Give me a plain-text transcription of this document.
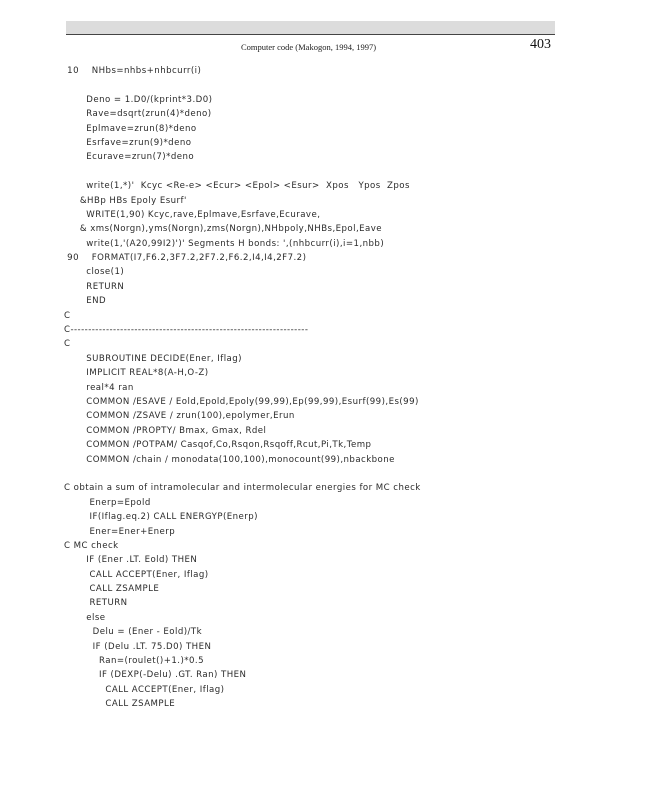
Computer code (Makogon, 1994, 1997)	403
10    NHbs=nhbs+nhbcurr(i)
Deno = 1.D0/(kprint*3.D0)
Rave=dsqrt(zrun(4)*deno)
Eplmave=zrun(8)*deno
Esrfave=zrun(9)*deno
Ecurave=zrun(7)*deno
write(1,*)'  Kcyc <Re-e> <Ecur> <Epol> <Esur>  Xpos   Ypos  Zpos
&HBp HBs Epoly Esurf'
WRITE(1,90) Kcyc,rave,Eplmave,Esrfave,Ecurave,
& xms(Norgn),yms(Norgn),zms(Norgn),NHbpoly,NHBs,Epol,Eave
write(1,'(A20,99I2)')' Segments H bonds: ',(nhbcurr(i),i=1,nbb)
90    FORMAT(I7,F6.2,3F7.2,2F7.2,F6.2,I4,I4,2F7.2)
close(1)
RETURN
END
C
C-------------------------------------------------------------------
C
SUBROUTINE DECIDE(Ener, Iflag)
IMPLICIT REAL*8(A-H,O-Z)
real*4 ran
COMMON /ESAVE / Eold,Epold,Epoly(99,99),Ep(99,99),Esurf(99),Es(99)
COMMON /ZSAVE / zrun(100),epolymer,Erun
COMMON /PROPTY/ Bmax, Gmax, Rdel
COMMON /POTPAM/ Casqof,Co,Rsqon,Rsqoff,Rcut,Pi,Tk,Temp
COMMON /chain / monodata(100,100),monocount(99),nbackbone
C obtain a sum of intramolecular and intermolecular energies for MC check
Enerp=Epold
IF(Iflag.eq.2) CALL ENERGYP(Enerp)
Ener=Ener+Enerp
C MC check
IF (Ener .LT. Eold) THEN
CALL ACCEPT(Ener, Iflag)
CALL ZSAMPLE
RETURN
else
Delu = (Ener - Eold)/Tk
IF (Delu .LT. 75.D0) THEN
Ran=(roulet()+1.)*0.5
IF (DEXP(-Delu) .GT. Ran) THEN
CALL ACCEPT(Ener, Iflag)
CALL ZSAMPLE
